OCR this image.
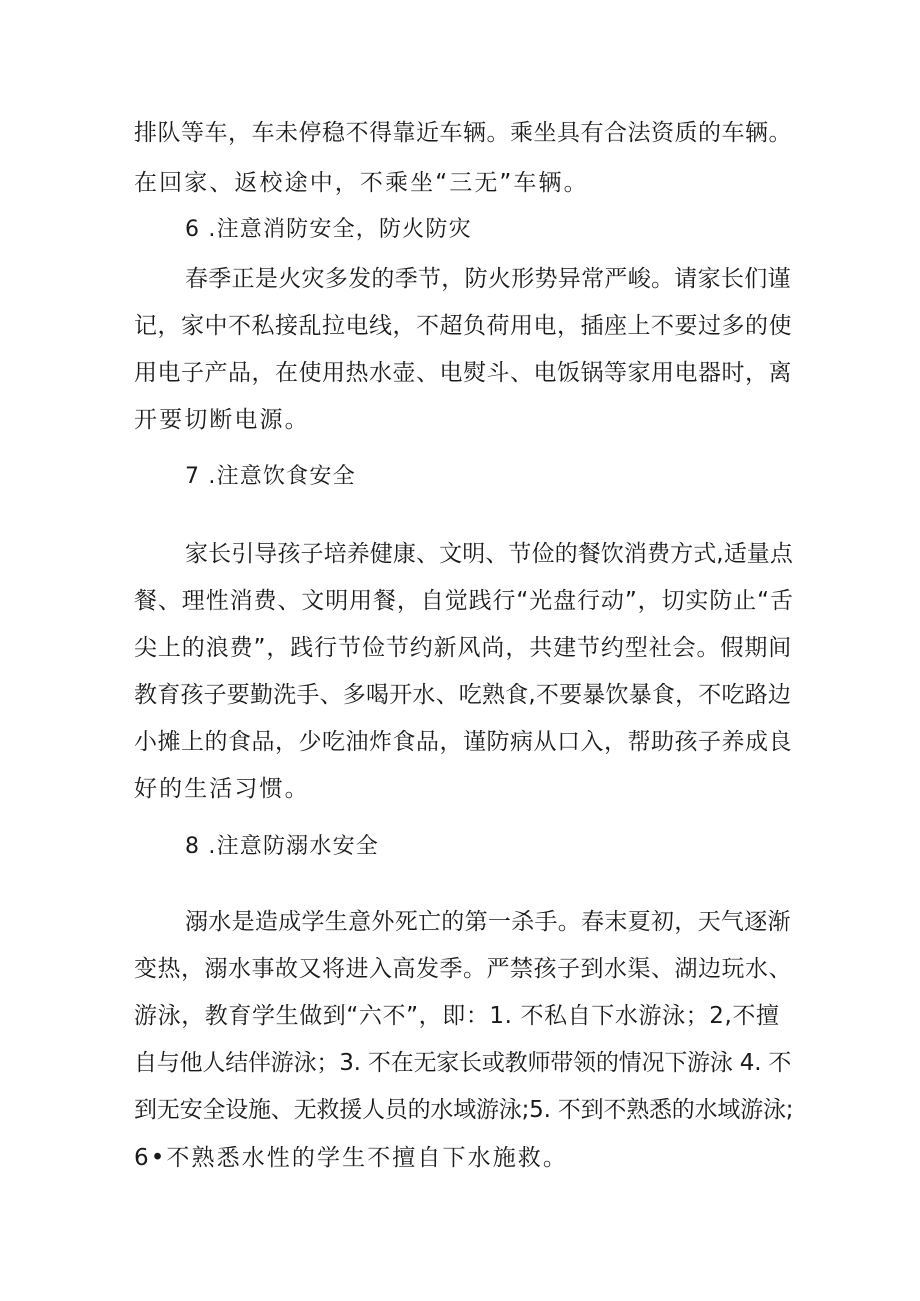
排队等车，车未停稳不得靠近车辆。乘坐具有合法资质的车辆。
在回家、返校途中，不乘坐“三无”车辆。
6 .注意消防安全，防火防灾
春季正是火灾多发的季节，防火形势异常严峻。请家长们谨
记，家中不私接乱拉电线，不超负荷用电，插座上不要过多的使
用电子产品，在使用热水壶、电熨斗、电饭锅等家用电器时，离
开要切断电源。
7 .注意饮食安全
家长引导孩子培养健康、文明、节俭的餐饮消费方式,适量点
餐、理性消费、文明用餐，自觉践行“光盘行动”，切实防止“舌
尖上的浪费”，践行节俭节约新风尚，共建节约型社会。假期间
教育孩子要勤洗手、多喝开水、吃熟食,不要暴饮暴食，不吃路边
小摊上的食品，少吃油炸食品，谨防病从口入，帮助孩子养成良
好的生活习惯。
8 .注意防溺水安全
溺水是造成学生意外死亡的第一杀手。春末夏初，天气逐渐
变热，溺水事故又将进入高发季。严禁孩子到水渠、湖边玩水、
游泳，教育学生做到“六不”，即：1. 不私自下水游泳；2,不擅
自与他人结伴游泳；3. 不在无家长或教师带领的情况下游泳 4. 不
到无安全设施、无救援人员的水域游泳;5. 不到不熟悉的水域游泳;
6•不熟悉水性的学生不擅自下水施救。
